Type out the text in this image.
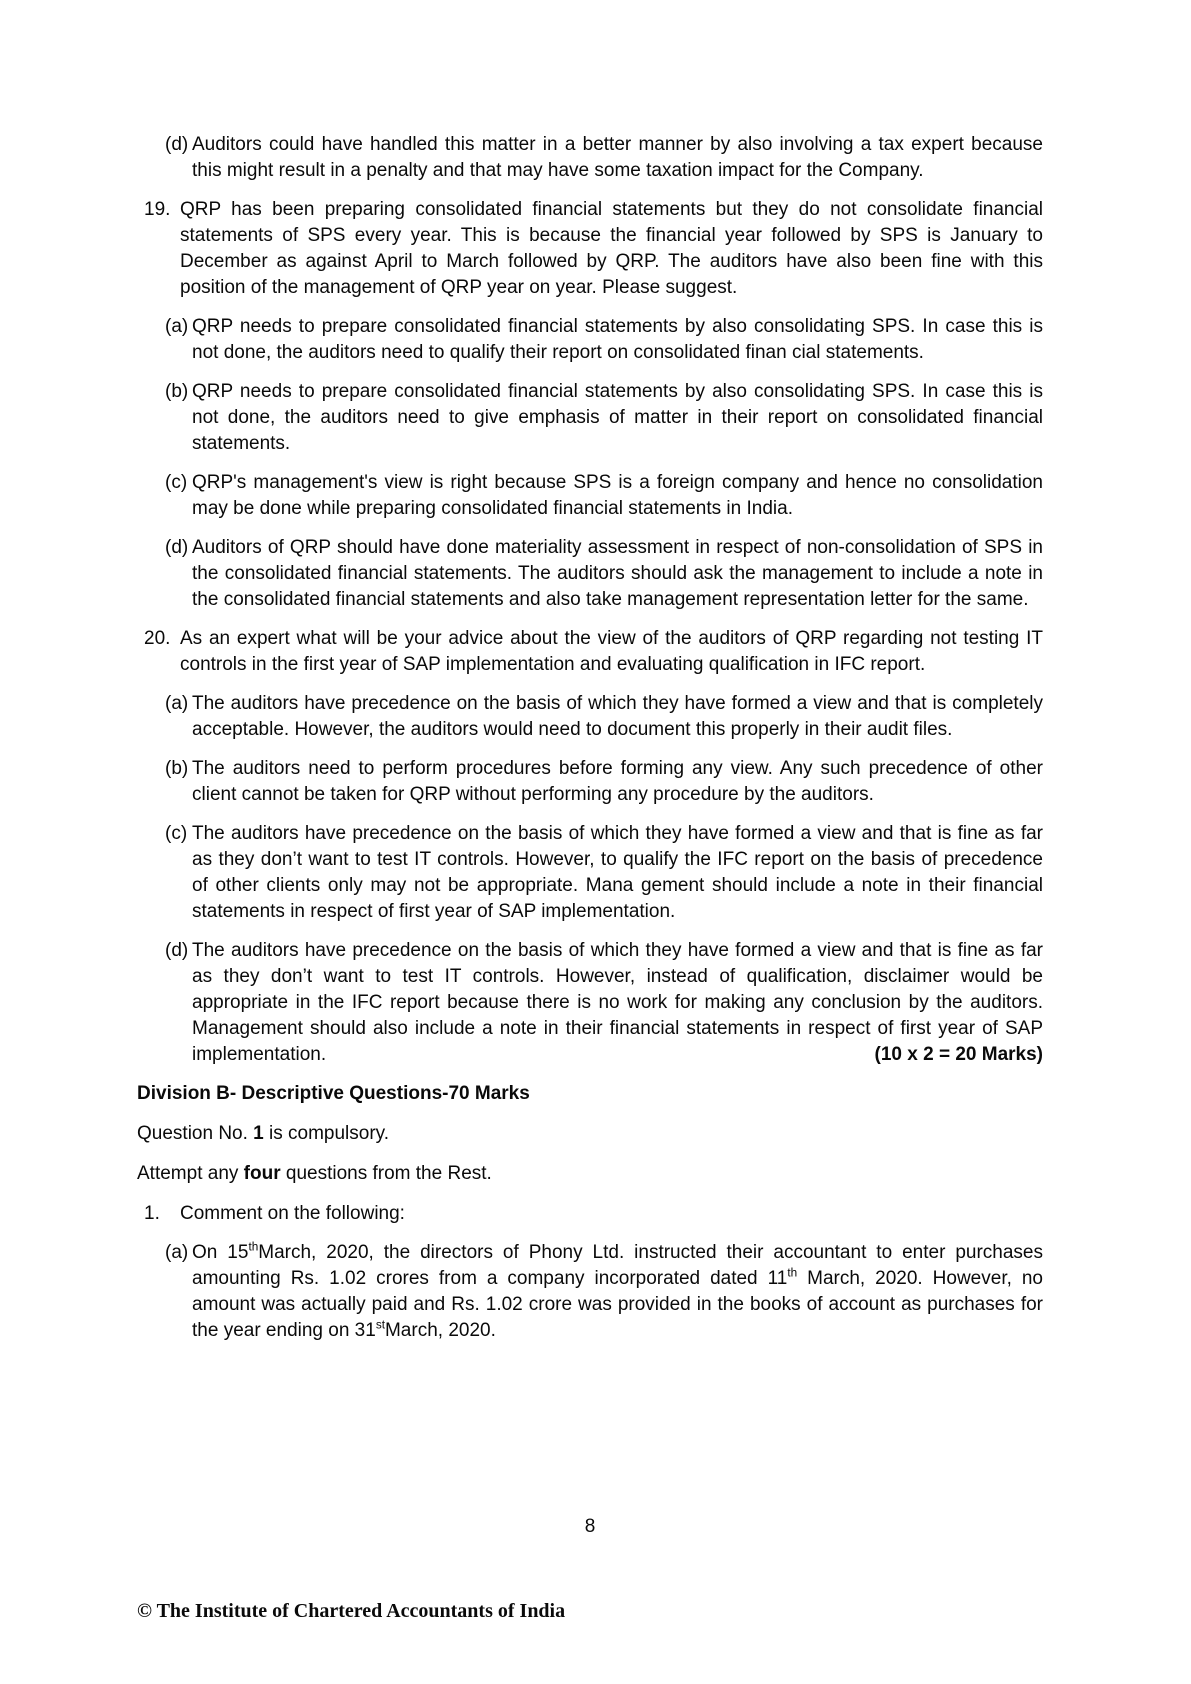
(d) Auditors could have handled this matter in a better manner by also involving a tax expert because this might result in a penalty and that may have some taxation impact for the Company.
19. QRP has been preparing consolidated financial statements but they do not consolidate financial statements of SPS every year. This is because the financial year followed by SPS is January to December as against April to March followed by QRP. The auditors have also been fine with this position of the management of QRP year on year. Please suggest.
(a) QRP needs to prepare consolidated financial statements by also consolidating SPS. In case this is not done, the auditors need to qualify their report on consolidated finan cial statements.
(b) QRP needs to prepare consolidated financial statements by also consolidating SPS. In case this is not done, the auditors need to give emphasis of matter in their report on consolidated financial statements.
(c) QRP's management's view is right because SPS is a foreign company and hence no consolidation may be done while preparing consolidated financial statements in India.
(d) Auditors of QRP should have done materiality assessment in respect of non-consolidation of SPS in the consolidated financial statements. The auditors should ask the management to include a note in the consolidated financial statements and also take management representation letter for the same.
20. As an expert what will be your advice about the view of the auditors of QRP regarding not testing IT controls in the first year of SAP implementation and evaluating qualification in IFC report.
(a) The auditors have precedence on the basis of which they have formed a view and that is completely acceptable. However, the auditors would need to document this properly in their audit files.
(b) The auditors need to perform procedures before forming any view. Any such precedence of other client cannot be taken for QRP without performing any procedure by the auditors.
(c) The auditors have precedence on the basis of which they have formed a view and that is fine as far as they don’t want to test IT controls. However, to qualify the IFC report on the basis of precedence of other clients only may not be appropriate. Mana gement should include a note in their financial statements in respect of first year of SAP implementation.
(d) The auditors have precedence on the basis of which they have formed a view and that is fine as far as they don’t want to test IT controls. However, instead of qualification, disclaimer would be appropriate in the IFC report because there is no work for making any conclusion by the auditors. Management should also include a note in their financial statements in respect of first year of SAP implementation.	(10 x 2 = 20 Marks)
Division B- Descriptive Questions-70 Marks

Question No. 1 is compulsory.

Attempt any four questions from the Rest.

1.	Comment on the following:
(a) On 15thMarch, 2020, the directors of Phony Ltd. instructed their accountant to enter purchases amounting Rs. 1.02 crores from a company incorporated dated 11th March, 2020. However, no amount was actually paid and Rs. 1.02 crore was provided in the books of account as purchases for the year ending on 31stMarch, 2020.
8
© The Institute of Chartered Accountants of India
